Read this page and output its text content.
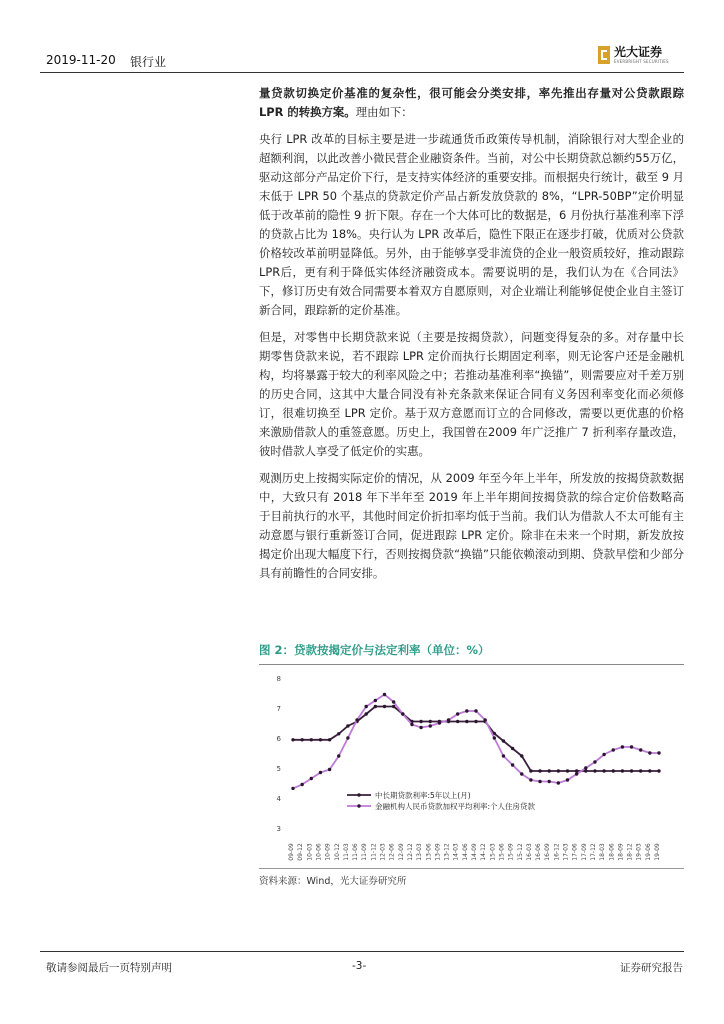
2019-11-20 银行业
光大证券
EVERBRIGHT SECURITIES

量贷款切换定价基准的复杂性，很可能会分类安排，率先推出存量对公贷款跟踪 LPR 的转换方案。理由如下：

央行 LPR 改革的目标主要是进一步疏通货币政策传导机制，消除银行对大型企业的超额利润，以此改善小微民营企业融资条件。当前，对公中长期贷款总额约55万亿，驱动这部分产品定价下行，是支持实体经济的重要安排。而根据央行统计，截至 9 月末低于 LPR 50 个基点的贷款定价产品占新发放贷款的 8%，“LPR-50BP”定价明显低于改革前的隐性 9 折下限。存在一个大体可比的数据是，6 月份执行基准利率下浮的贷款占比为 18%。央行认为 LPR 改革后，隐性下限正在逐步打破，优质对公贷款价格较改革前明显降低。另外，由于能够享受非流贷的企业一般资质较好，推动跟踪LPR后，更有利于降低实体经济融资成本。需要说明的是，我们认为在《合同法》下，修订历史有效合同需要本着双方自愿原则，对企业端让利能够促使企业自主签订新合同，跟踪新的定价基准。

但是，对零售中长期贷款来说（主要是按揭贷款），问题变得复杂的多。对存量中长期零售贷款来说，若不跟踪 LPR 定价而执行长期固定利率，则无论客户还是金融机构，均将暴露于较大的利率风险之中；若推动基准利率“换锚”，则需要应对千差万别的历史合同，这其中大量合同没有补充条款来保证合同有义务因利率变化而必须修订，很难切换至 LPR 定价。基于双方意愿而订立的合同修改，需要以更优惠的价格来激励借款人的重签意愿。历史上，我国曾在2009 年广泛推广 7 折利率存量改造，彼时借款人享受了低定价的实惠。

观测历史上按揭实际定价的情况，从 2009 年至今年上半年，所发放的按揭贷款数据中，大致只有 2018 年下半年至 2019 年上半年期间按揭贷款的综合定价倍数略高于目前执行的水平，其他时间定价折扣率均低于当前。我们认为借款人不太可能有主动意愿与银行重新签订合同，促进跟踪 LPR 定价。除非在未来一个时期，新发放按揭定价出现大幅度下行，否则按揭贷款“换锚”只能依赖滚动到期、贷款早偿和少部分具有前瞻性的合同安排。

图 2：贷款按揭定价与法定利率（单位：%）
3
4
5
6
7
8
09-09 09-12 10-03 10-06 10-09 10-12 11-03 11-06 11-09 11-12 12-03 12-06 12-09 12-12 13-03 13-06 13-09 13-12 14-03 14-06 14-09 14-12 15-03 15-06 15-09 15-12 16-03 16-06 16-09 16-12 17-03 17-06 17-09 17-12 18-03 18-06 18-09 18-12 19-03 19-06 19-09
中长期贷款利率:5年以上(月)
金融机构人民币贷款加权平均利率:个人住房贷款
资料来源：Wind，光大证券研究所
敬请参阅最后一页特别声明	-3-	证券研究报告
